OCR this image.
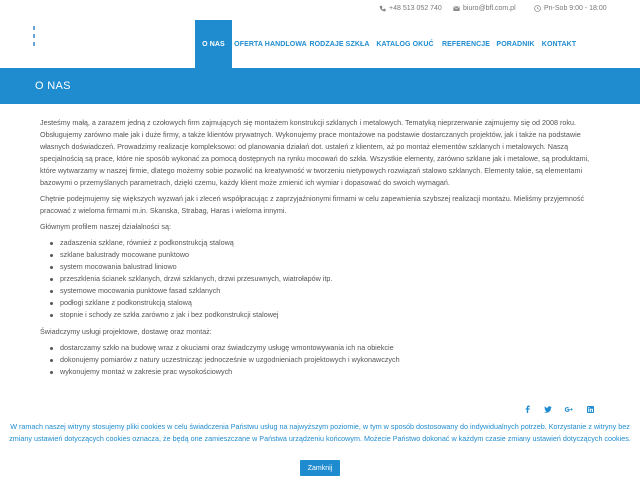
+48 513 052 740	biuro@bfl.com.pl	Pn-Sob 9:00 - 18:00
O NAS	OFERTA HANDLOWA RODZAJE SZKŁA KATALOG OKUĆ	REFERENCJE PORADNIK	KONTAKT
O NAS

Jesteśmy małą, a zarazem jedną z czołowych firm zajmujących się montażem konstrukcji szklanych i metalowych. Tematyką nieprzerwanie zajmujemy się od 2008 roku. Obsługujemy zarówno małe jak i duże firmy, a także klientów prywatnych. Wykonujemy prace montażowe na podstawie dostarczanych projektów, jak i także na podstawie własnych doświadczeń. Prowadzimy realizacje kompleksowo: od planowania działań dot. ustaleń z klientem, aż po montaż elementów szklanych i metalowych. Naszą specjalnością są prace, które nie sposób wykonać za pomocą dostępnych na rynku mocowań do szkła. Wszystkie elementy, zarówno szklane jak i metalowe, są produktami, które wytwarzamy w naszej firmie, dlatego możemy sobie pozwolić na kreatywność w tworzeniu nietypowych rozwiązań stalowo szklanych. Elementy takie, są elementami bazowymi o przemyślanych parametrach, dzięki czemu, każdy klient może zmienić ich wymiar i dopasować do swoich wymagań.

Chętnie podejmujemy się większych wyzwań jak i zleceń współpracując z zaprzyjaźnionymi firmami w celu zapewnienia szybszej realizacji montażu. Mieliśmy przyjemność pracować z wieloma firmami m.in. Skanska, Strabag, Haras i wieloma innymi.

Głównym profilem naszej działalności są:

zadaszenia szklane, również z podkonstrukcją stalową
szklane balustrady mocowane punktowo
system mocowania balustrad liniowo
przeszklenia ścianek szklanych, drzwi szklanych, drzwi przesuwnych, wiatrołapów itp.
systemowe mocowania punktowe fasad szklanych
podłogi szklane z podkonstrukcją stalową
stopnie i schody ze szkła zarówno z jak i bez podkonstrukcji stalowej

Świadczymy usługi projektowe, dostawę oraz montaż:

dostarczamy szkło na budowę wraz z okuciami oraz świadczymy usługę wmontowywania ich na obiekcie
dokonujemy pomiarów z natury uczestnicząc jednocześnie w uzgodnieniach projektowych i wykonawczych
wykonujemy montaż w zakresie prac wysokościowych
W ramach naszej witryny stosujemy pliki cookies w celu świadczenia Państwu usług na najwyższym poziomie, w tym w sposób dostosowany do indywidualnych potrzeb. Korzystanie z witryny bez zmiany ustawień dotyczących cookies oznacza, że będą one zamieszczane w Państwa urządzeniu końcowym. Możecie Państwo dokonać w każdym czasie zmiany ustawień dotyczących cookies.
Zamknij
